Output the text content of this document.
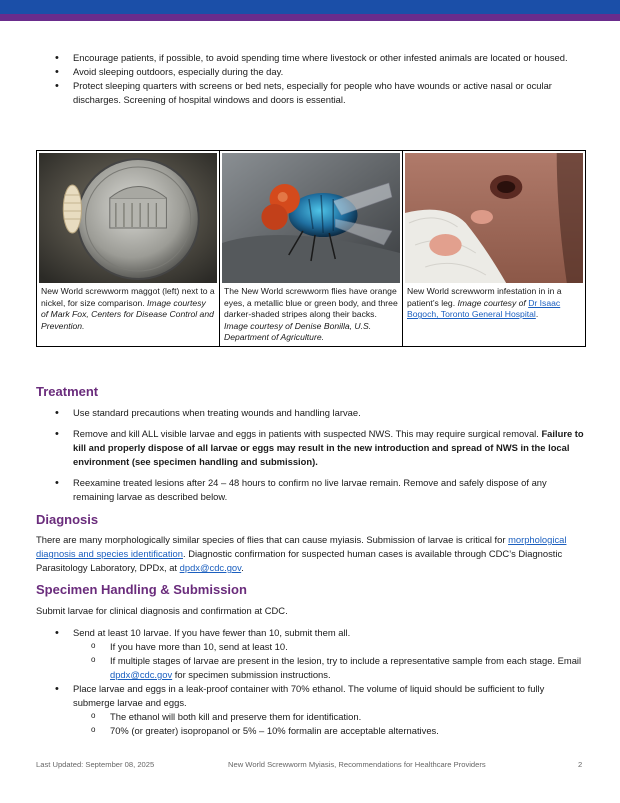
• Encourage patients, if possible, to avoid spending time where livestock or other infested animals are located or housed.
• Avoid sleeping outdoors, especially during the day.
• Protect sleeping quarters with screens or bed nets, especially for people who have wounds or active nasal or ocular discharges. Screening of hospital windows and doors is essential.
New World screwworm maggot (left) next to a nickel, for size comparison. Image courtesy of Mark Fox, Centers for Disease Control and Prevention.	
The New World screwworm flies have orange eyes, a metallic blue or green body, and three darker-shaded stripes along their backs. Image courtesy of Denise Bonilla, U.S. Department of Agriculture.	
New World screwworm infestation in in a patient’s leg. Image courtesy of Dr Isaac Bogoch, Toronto General Hospital.
Treatment
• Use standard precautions when treating wounds and handling larvae.
• Remove and kill ALL visible larvae and eggs in patients with suspected NWS. This may require surgical removal. Failure to kill and properly dispose of all larvae or eggs may result in the new introduction and spread of NWS in the local environment (see specimen handling and submission).
• Reexamine treated lesions after 24 – 48 hours to confirm no live larvae remain. Remove and safely dispose of any remaining larvae as described below.
Diagnosis
There are many morphologically similar species of flies that can cause myiasis. Submission of larvae is critical for morphological diagnosis and species identification. Diagnostic confirmation for suspected human cases is available through CDC’s Diagnostic Parasitology Laboratory, DPDx, at dpdx@cdc.gov.
Specimen Handling & Submission
Submit larvae for clinical diagnosis and confirmation at CDC.
• Send at least 10 larvae. If you have fewer than 10, submit them all.
o If you have more than 10, send at least 10.
o If multiple stages of larvae are present in the lesion, try to include a representative sample from each stage. Email dpdx@cdc.gov for specimen submission instructions.
• Place larvae and eggs in a leak-proof container with 70% ethanol. The volume of liquid should be sufficient to fully submerge larvae and eggs.
o The ethanol will both kill and preserve them for identification.
o 70% (or greater) isopropanol or 5% – 10% formalin are acceptable alternatives.
Last Updated: September 08, 2025	New World Screwworm Myiasis, Recommendations for Healthcare Providers	2
